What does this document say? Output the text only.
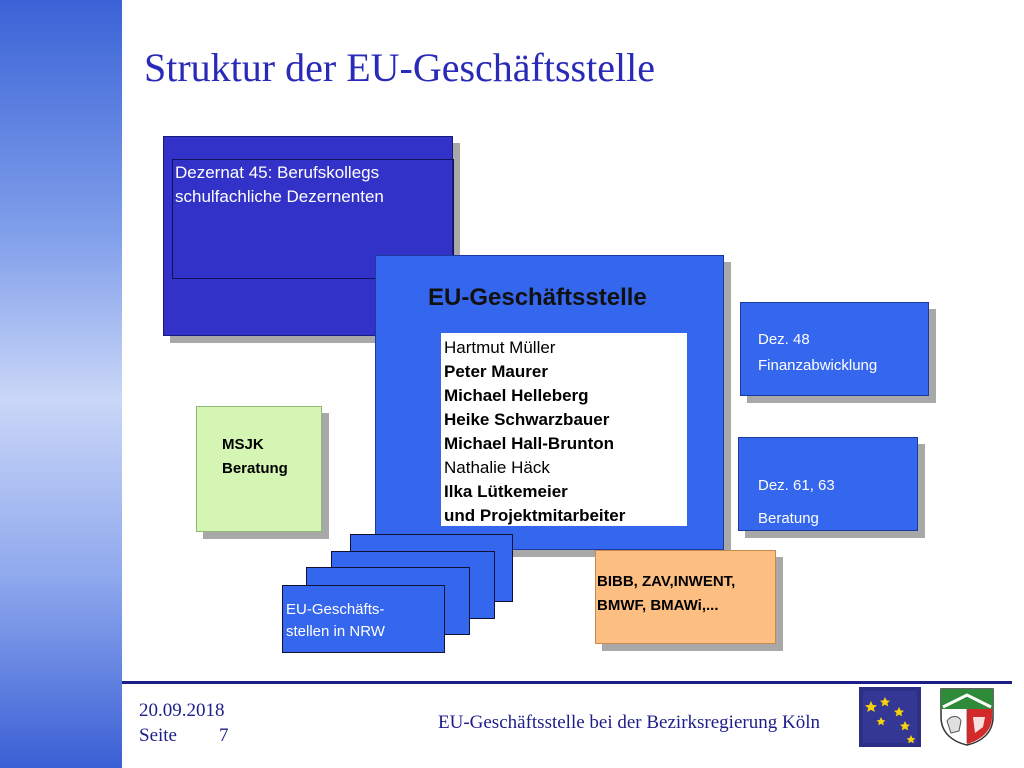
Struktur der EU-Geschäftsstelle
Dezernat 45: Berufskollegs
schulfachliche Dezernenten
EU-Geschäftsstelle
Hartmut Müller
Peter Maurer
Michael Helleberg
Heike Schwarzbauer
Michael Hall-Brunton
Nathalie Häck
Ilka Lütkemeier
und Projektmitarbeiter
Dez. 48
Finanzabwicklung
Dez. 61, 63
Beratung
MSJK
Beratung
BIBB, ZAV,INWENT,
BMWF, BMAWi,...
EU-Geschäfts-
stellen in NRW
20.09.2018
Seite 7
EU-Geschäftsstelle bei der Bezirksregierung Köln
